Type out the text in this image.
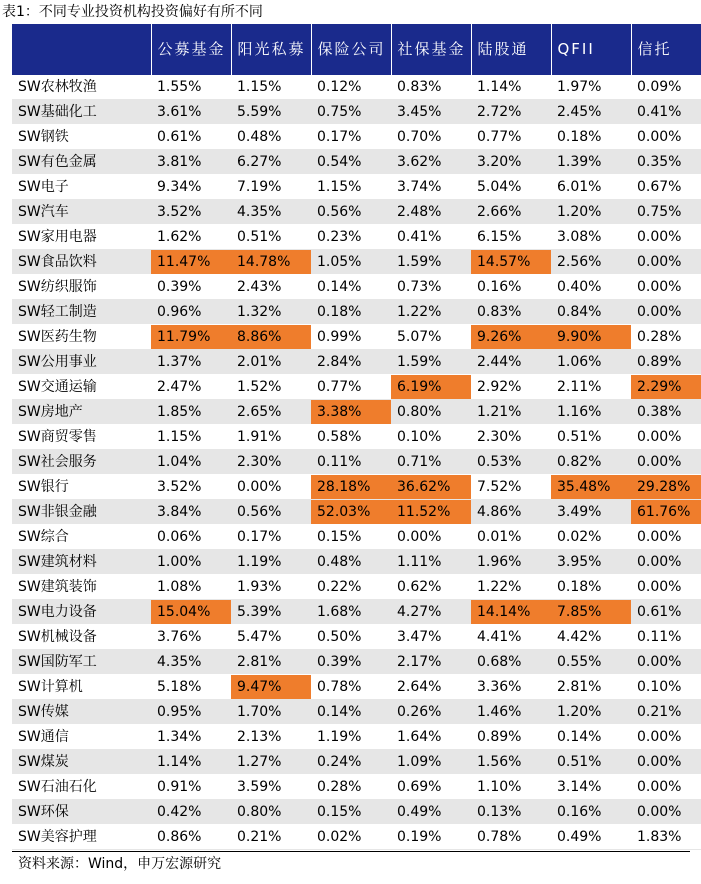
表1：不同专业投资机构投资偏好有所不同
	公募基金	阳光私募	保险公司	社保基金	陆股通	QFII	信托
SW农林牧渔	1.55%	1.15%	0.12%	0.83%	1.14%	1.97%	0.09%
SW基础化工	3.61%	5.59%	0.75%	3.45%	2.72%	2.45%	0.41%
SW钢铁	0.61%	0.48%	0.17%	0.70%	0.77%	0.18%	0.00%
SW有色金属	3.81%	6.27%	0.54%	3.62%	3.20%	1.39%	0.35%
SW电子	9.34%	7.19%	1.15%	3.74%	5.04%	6.01%	0.67%
SW汽车	3.52%	4.35%	0.56%	2.48%	2.66%	1.20%	0.75%
SW家用电器	1.62%	0.51%	0.23%	0.41%	6.15%	3.08%	0.00%
SW食品饮料	11.47%	14.78%	1.05%	1.59%	14.57%	2.56%	0.00%
SW纺织服饰	0.39%	2.43%	0.14%	0.73%	0.16%	0.40%	0.00%
SW轻工制造	0.96%	1.32%	0.18%	1.22%	0.83%	0.84%	0.00%
SW医药生物	11.79%	8.86%	0.99%	5.07%	9.26%	9.90%	0.28%
SW公用事业	1.37%	2.01%	2.84%	1.59%	2.44%	1.06%	0.89%
SW交通运输	2.47%	1.52%	0.77%	6.19%	2.92%	2.11%	2.29%
SW房地产	1.85%	2.65%	3.38%	0.80%	1.21%	1.16%	0.38%
SW商贸零售	1.15%	1.91%	0.58%	0.10%	2.30%	0.51%	0.00%
SW社会服务	1.04%	2.30%	0.11%	0.71%	0.53%	0.82%	0.00%
SW银行	3.52%	0.00%	28.18%	36.62%	7.52%	35.48%	29.28%
SW非银金融	3.84%	0.56%	52.03%	11.52%	4.86%	3.49%	61.76%
SW综合	0.06%	0.17%	0.15%	0.00%	0.01%	0.02%	0.00%
SW建筑材料	1.00%	1.19%	0.48%	1.11%	1.96%	3.95%	0.00%
SW建筑装饰	1.08%	1.93%	0.22%	0.62%	1.22%	0.18%	0.00%
SW电力设备	15.04%	5.39%	1.68%	4.27%	14.14%	7.85%	0.61%
SW机械设备	3.76%	5.47%	0.50%	3.47%	4.41%	4.42%	0.11%
SW国防军工	4.35%	2.81%	0.39%	2.17%	0.68%	0.55%	0.00%
SW计算机	5.18%	9.47%	0.78%	2.64%	3.36%	2.81%	0.10%
SW传媒	0.95%	1.70%	0.14%	0.26%	1.46%	1.20%	0.21%
SW通信	1.34%	2.13%	1.19%	1.64%	0.89%	0.14%	0.00%
SW煤炭	1.14%	1.27%	0.24%	1.09%	1.56%	0.51%	0.00%
SW石油石化	0.91%	3.59%	0.28%	0.69%	1.10%	3.14%	0.00%
SW环保	0.42%	0.80%	0.15%	0.49%	0.13%	0.16%	0.00%
SW美容护理	0.86%	0.21%	0.02%	0.19%	0.78%	0.49%	1.83%
资料来源：Wind，申万宏源研究
